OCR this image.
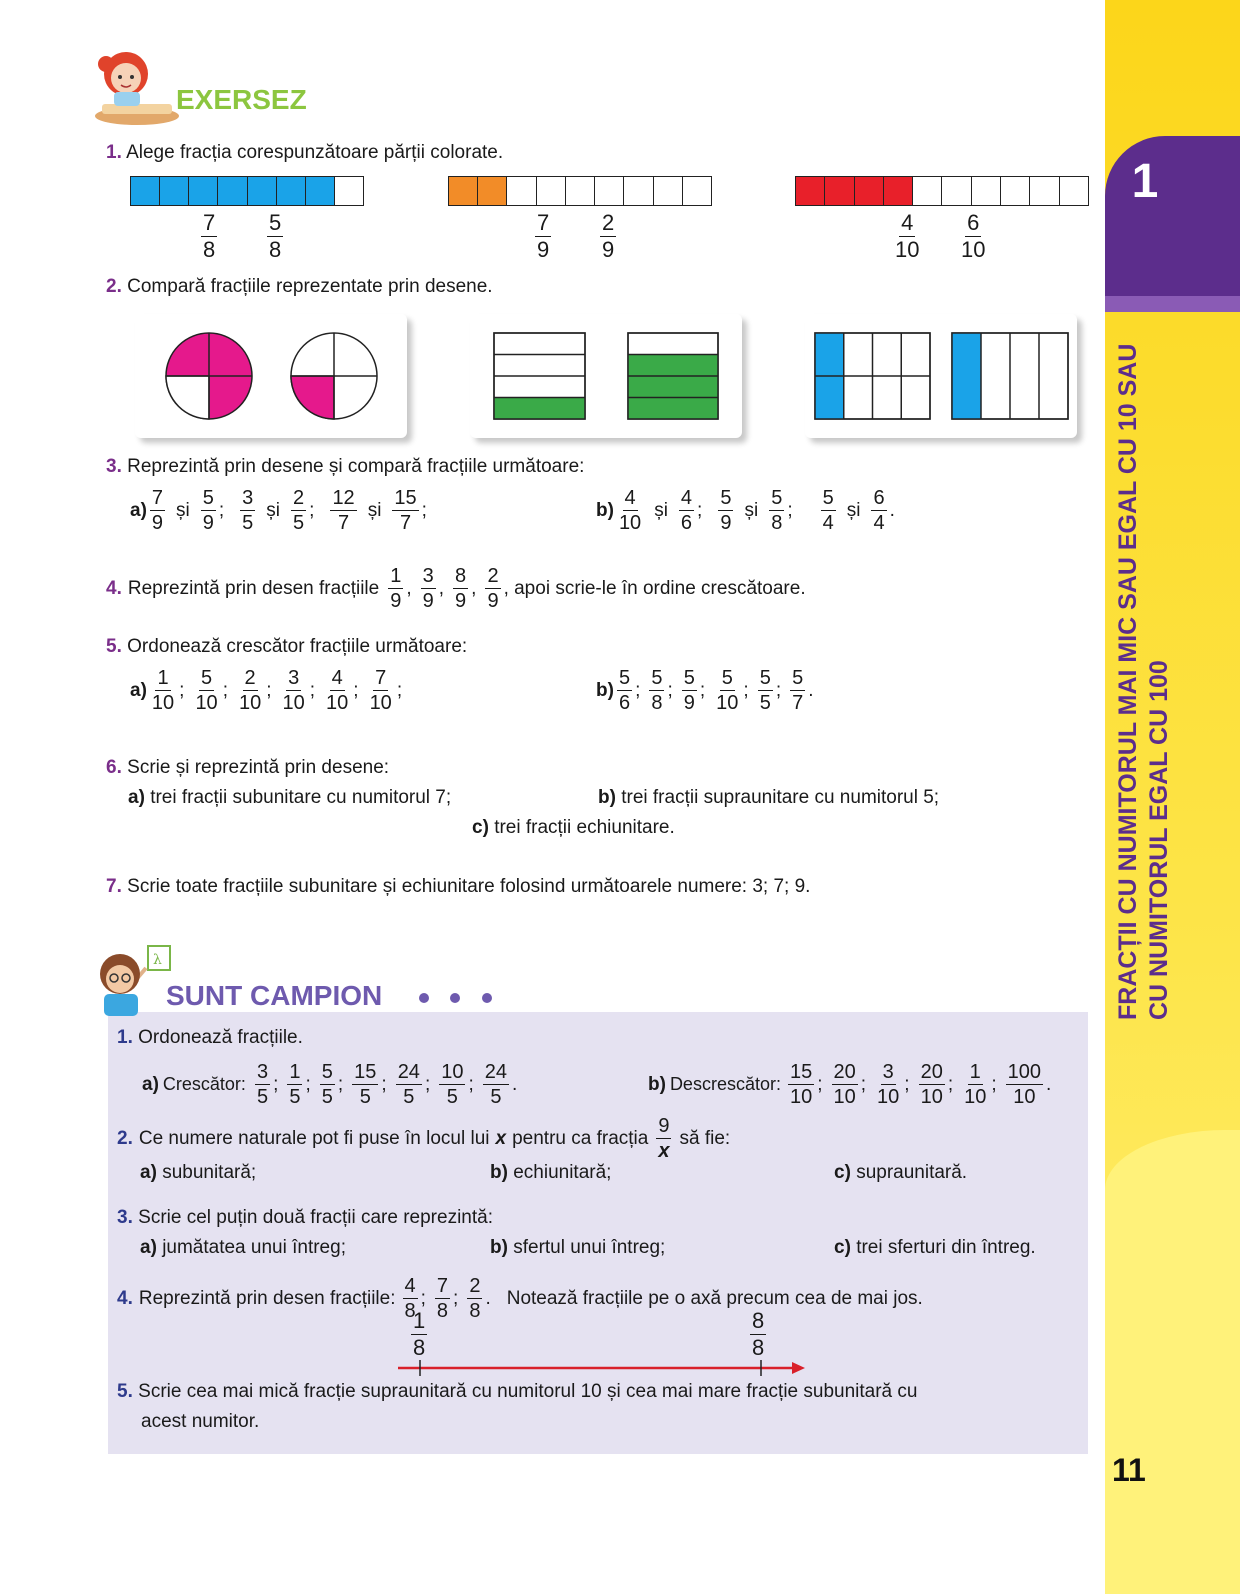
1
FRACȚII CU NUMITORUL MAI MIC SAU EGAL CU 10 SAU CU NUMITORUL EGAL CU 100
11
EXERSEZ
1. Alege fracția corespunzătoare părții colorate.
$\frac{7}{8} \frac{5}{8}$	$\frac{7}{9} \frac{2}{9}$	$\frac{4}{10} \frac{6}{10}$
2. Compară fracțiile reprezentate prin desene.
3. Reprezintă prin desene și compară fracțiile următoare:
$a) \frac{7}{9}$ și $\frac{5}{9}$ ; $\frac{3}{5}$ și $\frac{2}{5}$ ; $\frac{12}{7}$ și $\frac{15}{7}$ ;	$b) \frac{4}{10}$ și $\frac{4}{6}$ ; $\frac{5}{9}$ și $\frac{5}{8}$ ; $\frac{5}{4}$ și $\frac{6}{4}$ .
4. Reprezintă prin desen fracțiile $\frac{1}{9}$ , $\frac{3}{9}$ , $\frac{8}{9}$ , $\frac{2}{9}$ , apoi scrie-le în ordine crescătoare.
5. Ordonează crescător fracțiile următoare:
$a) \frac{1}{10}$ ; $\frac{5}{10}$ ; $\frac{2}{10}$ ; $\frac{3}{10}$ ; $\frac{4}{10}$ ; $\frac{7}{10}$ ;	$b) \frac{5}{6}$ ; $\frac{5}{8}$ ; $\frac{5}{9}$ ; $\frac{5}{10}$ ; $\frac{5}{5}$ ; $\frac{5}{7}$ .
6. Scrie și reprezintă prin desene:
a) trei fracții subunitare cu numitorul 7;	b) trei fracții supraunitare cu numitorul 5;
c) trei fracții echiunitare.
7. Scrie toate fracțiile subunitare și echiunitare folosind următoarele numere: 3; 7; 9.
λ
SUNT CAMPION
1. Ordonează fracțiile.
a) Crescător: $\frac{3}{5}$ ; $\frac{1}{5}$ ; $\frac{5}{5}$ ; $\frac{15}{5}$ ; $\frac{24}{5}$ ; $\frac{10}{5}$ ; $\frac{24}{5}$ .	b) Descrescător: $\frac{15}{10}$ ; $\frac{20}{10}$ ; $\frac{3}{10}$ ; $\frac{20}{10}$ ; $\frac{1}{10}$ ; $\frac{100}{10}$ .
2. Ce numere naturale pot fi puse în locul lui x pentru ca fracția $\frac{9}{x}$ să fie:
a) subunitară;	b) echiunitară;	c) supraunitară.
3. Scrie cel puțin două fracții care reprezintă:
a) jumătatea unui întreg;	b) sfertul unui întreg;	c) trei sferturi din întreg.
4. Reprezintă prin desen fracțiile: $\frac{4}{8}$ ; $\frac{7}{8}$ ; $\frac{2}{8}$ . Notează fracțiile pe o axă precum cea de mai jos.
$\frac{1}{8}$	$\frac{8}{8}$
5. Scrie cea mai mică fracție supraunitară cu numitorul 10 și cea mai mare fracție subunitară cu
acest numitor.
